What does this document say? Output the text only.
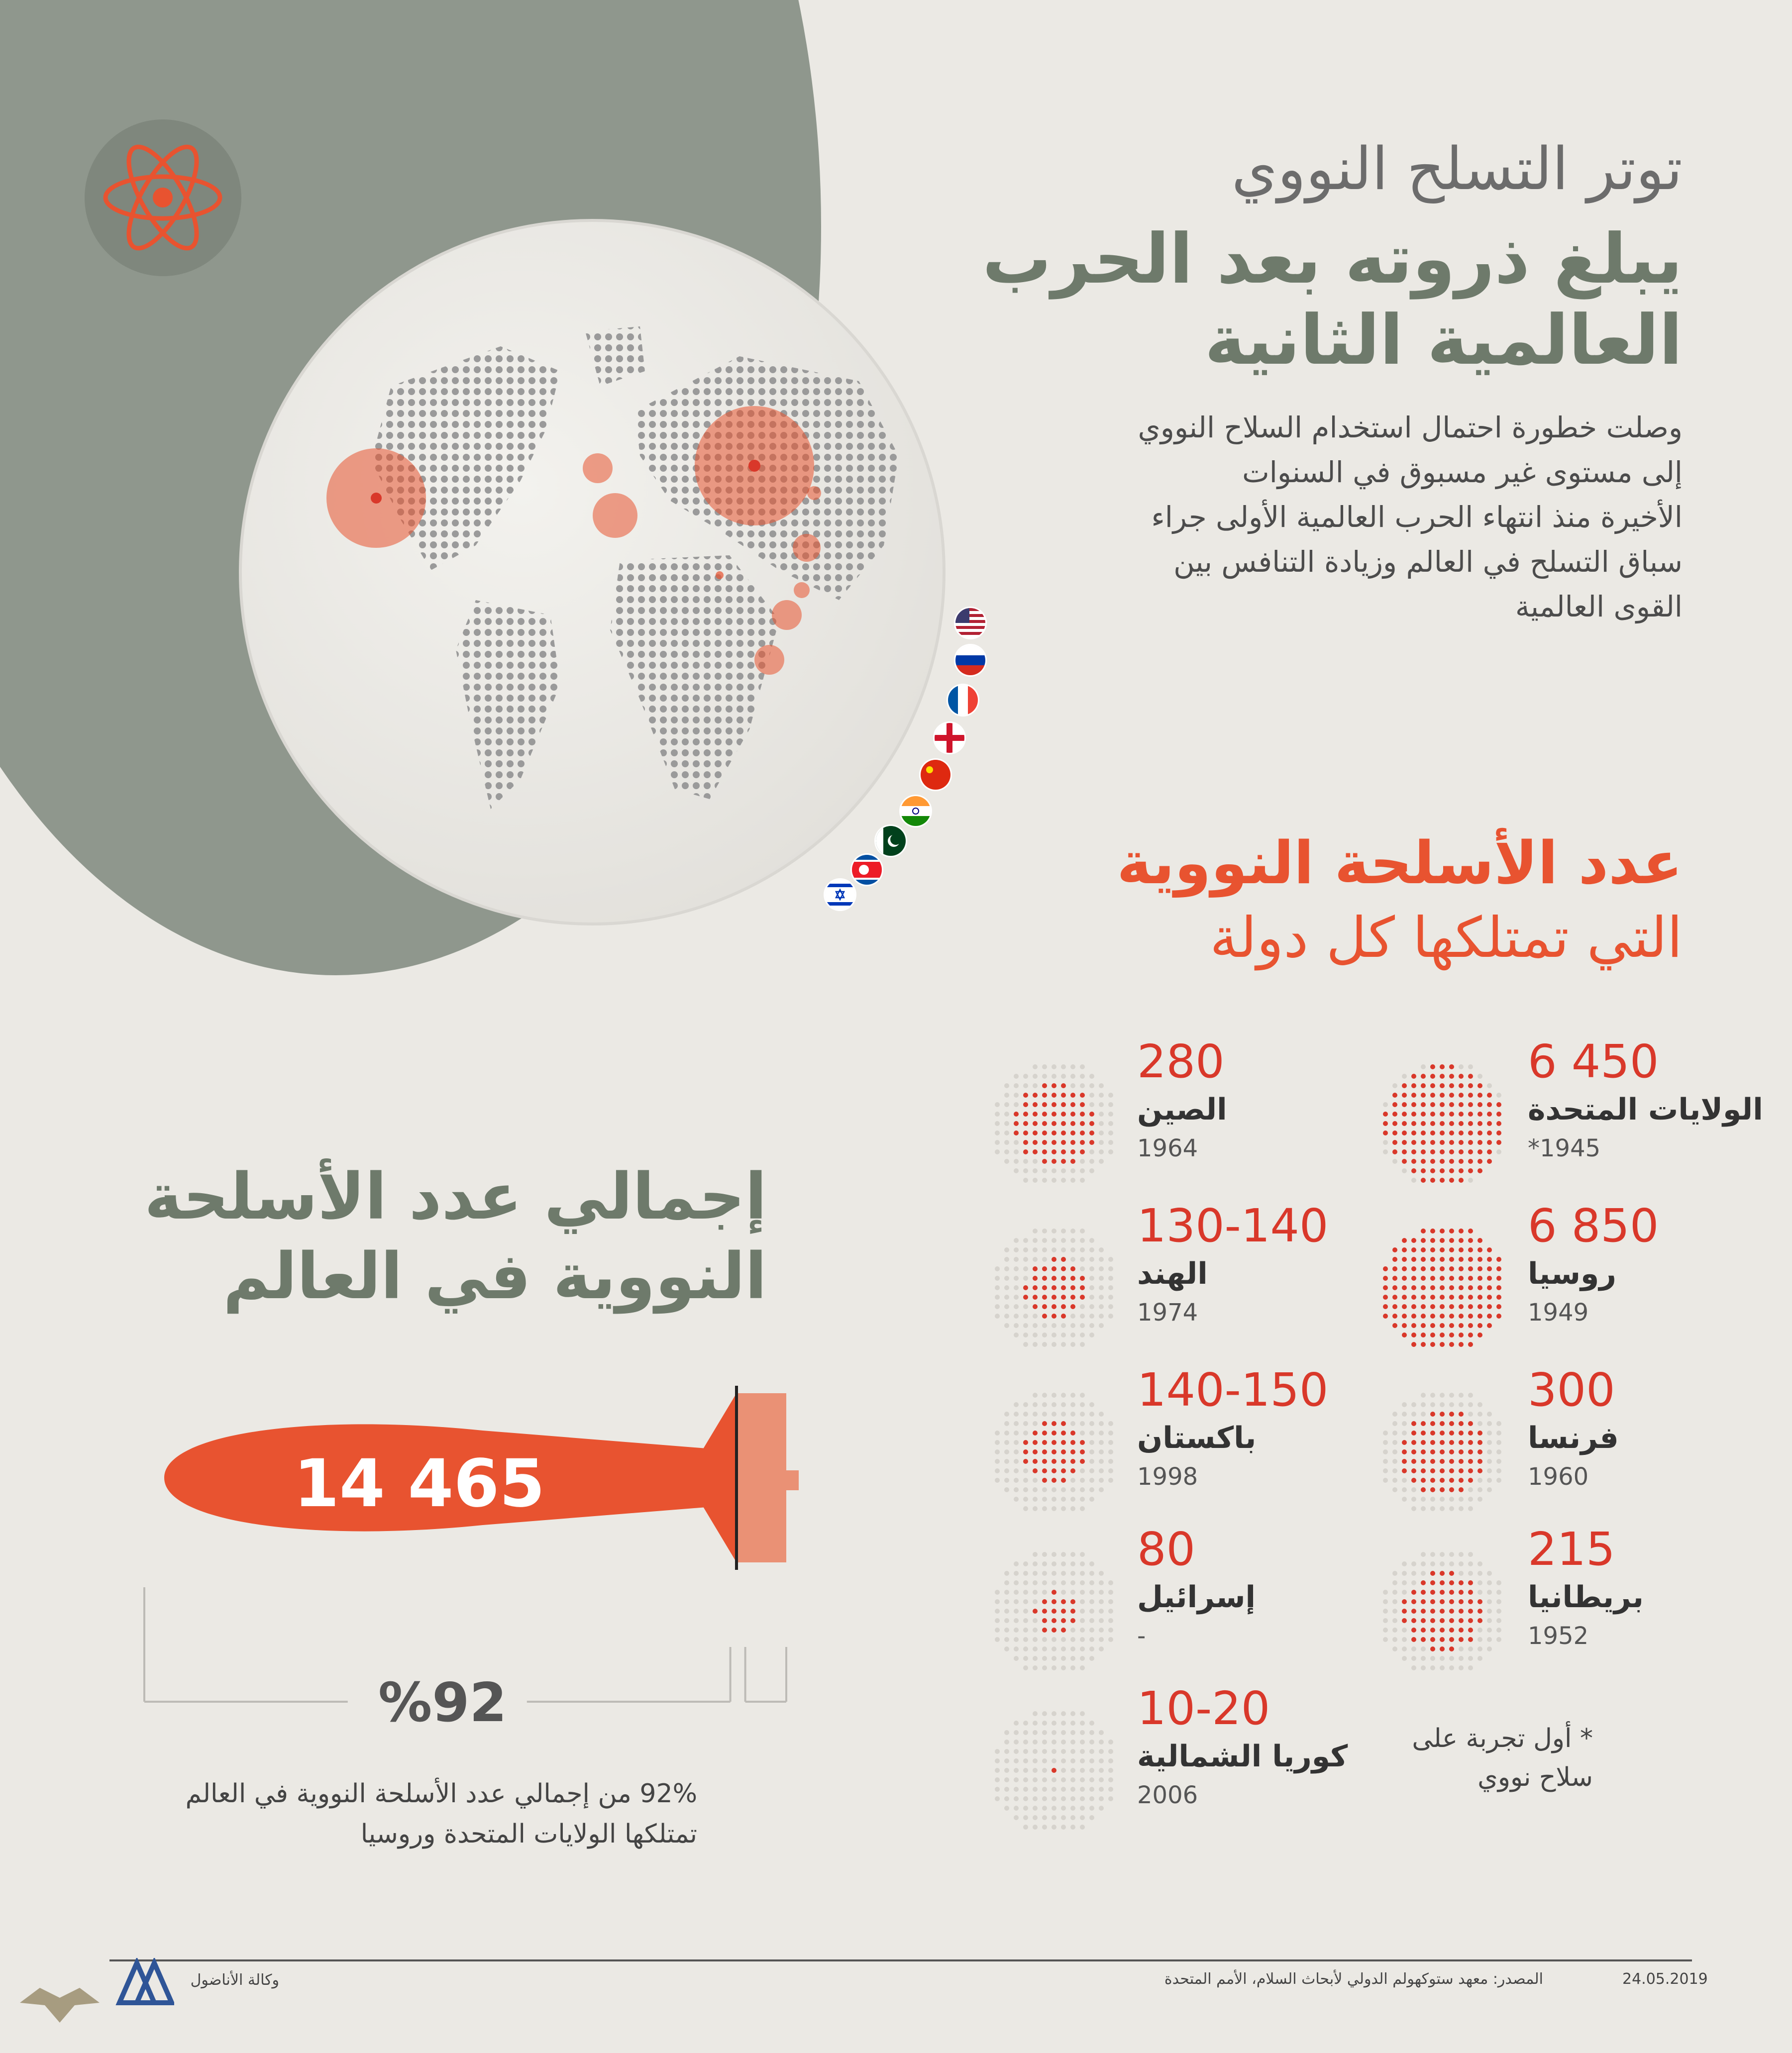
توتر التسلح النووي
يبلغ ذروته بعد الحرب
العالمية الثانية
وصلت خطورة احتمال استخدام السلاح النووي
إلى مستوى غير مسبوق في السنوات
الأخيرة منذ انتهاء الحرب العالمية الأولى جراء
سباق التسلح في العالم وزيادة التنافس بين
القوى العالمية
عدد الأسلحة النووية
التي تمتلكها كل دولة
6 450
الولايات المتحدة
*1945
6 850
روسيا
1949
300
فرنسا
1960
215
بريطانيا
1952
280
الصين
1964
130-140
الهند
1974
140-150
باكستان
1998
80
إسرائيل
-
10-20
كوريا الشمالية
2006
* أول تجربة على
سلاح نووي
إجمالي عدد الأسلحة
النووية في العالم
14 465
%92
92% من إجمالي عدد الأسلحة النووية في العالم
تمتلكها الولايات المتحدة وروسيا
24.05.2019
المصدر: معهد ستوكهولم الدولي لأبحاث السلام، الأمم المتحدة
وكالة الأناضول
